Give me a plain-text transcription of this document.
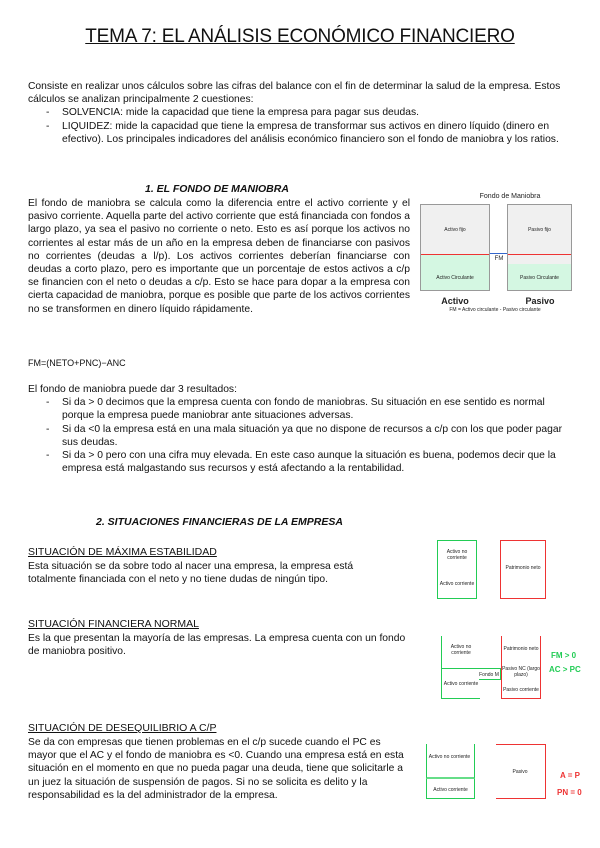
TEMA 7: EL ANÁLISIS ECONÓMICO FINANCIERO

Consiste en realizar unos cálculos sobre las cifras del balance con el fin de determinar la salud de la empresa. Estos cálculos se analizan principalmente 2 cuestiones:

- SOLVENCIA: mide la capacidad que tiene la empresa para pagar sus deudas.
- LIQUIDEZ: mide la capacidad que tiene la empresa de transformar sus activos en dinero líquido (dinero en efectivo). Los principales indicadores del análisis económico financiero son el fondo de maniobra y los ratios.
1. EL FONDO DE MANIOBRA

El fondo de maniobra se calcula como la diferencia entre el activo corriente y el pasivo corriente. Aquella parte del activo corriente que está financiada con fondos a largo plazo, ya sea el pasivo no corriente o neto. Esto es así porque los activos no corrientes al estar más de un año en la empresa deben de financiarse con pasivos no corrientes (deudas a l/p). Los activos corrientes deberían financiarse con deudas a corto plazo, pero es importante que un porcentaje de estos activos a c/p se financien con el neto o deudas a c/p. Esto se hace para dopar a la empresa con cierta capacidad de maniobra, porque es posible que parte de los activos corrientes no se transformen en dinero líquido rápidamente.

Fondo de Maniobra
Activo fijo
Activo Circulante
FM
Pasivo fijo
Pasivo Circulante
Activo	Pasivo
FM = Activo circulante - Pasivo circulante
FM=(NETO+PNC)−ANC

El fondo de maniobra puede dar 3 resultados:

- Si da > 0 decimos que la empresa cuenta con fondo de maniobras. Su situación en ese sentido es normal porque la empresa puede maniobrar ante situaciones adversas.
- Si da <0 la empresa está en una mala situación ya que no dispone de recursos a c/p con los que poder pagar sus deudas.
- Si da > 0 pero con una cifra muy elevada. En este caso aunque la situación es buena, podemos decir que la empresa está malgastando sus recursos y está afectando a la rentabilidad.
2. SITUACIONES FINANCIERAS DE LA EMPRESA
SITUACIÓN DE MÁXIMA ESTABILIDAD

Esta situación se da sobre todo al nacer una empresa, la empresa está totalmente financiada con el neto y no tiene dudas de ningún tipo.

Activo no corriente
Activo corriente
Patrimonio neto
SITUACIÓN FINANCIERA NORMAL

Es la que presentan la mayoría de las empresas. La empresa cuenta con un fondo de maniobra positivo.	Activo no corriente
Activo corriente
Fondo M
Patrimonio neto
Pasivo NC (largo plazo)
Pasivo corriente
FM > 0
AC > PC
SITUACIÓN DE DESEQUILIBRIO A C/P

Se da con empresas que tienen problemas en el c/p sucede cuando el PC es mayor que el AC y el fondo de maniobra es <0. Cuando una empresa está en esta situación en el momento en que no pueda pagar una deuda, tiene que solicitarle a un juez la situación de suspensión de pagos. Si no se solicita es delito y la responsabilidad es la del administrador de la empresa.

Activo no corriente
Activo corriente
Pasivo	A = P
PN = 0
